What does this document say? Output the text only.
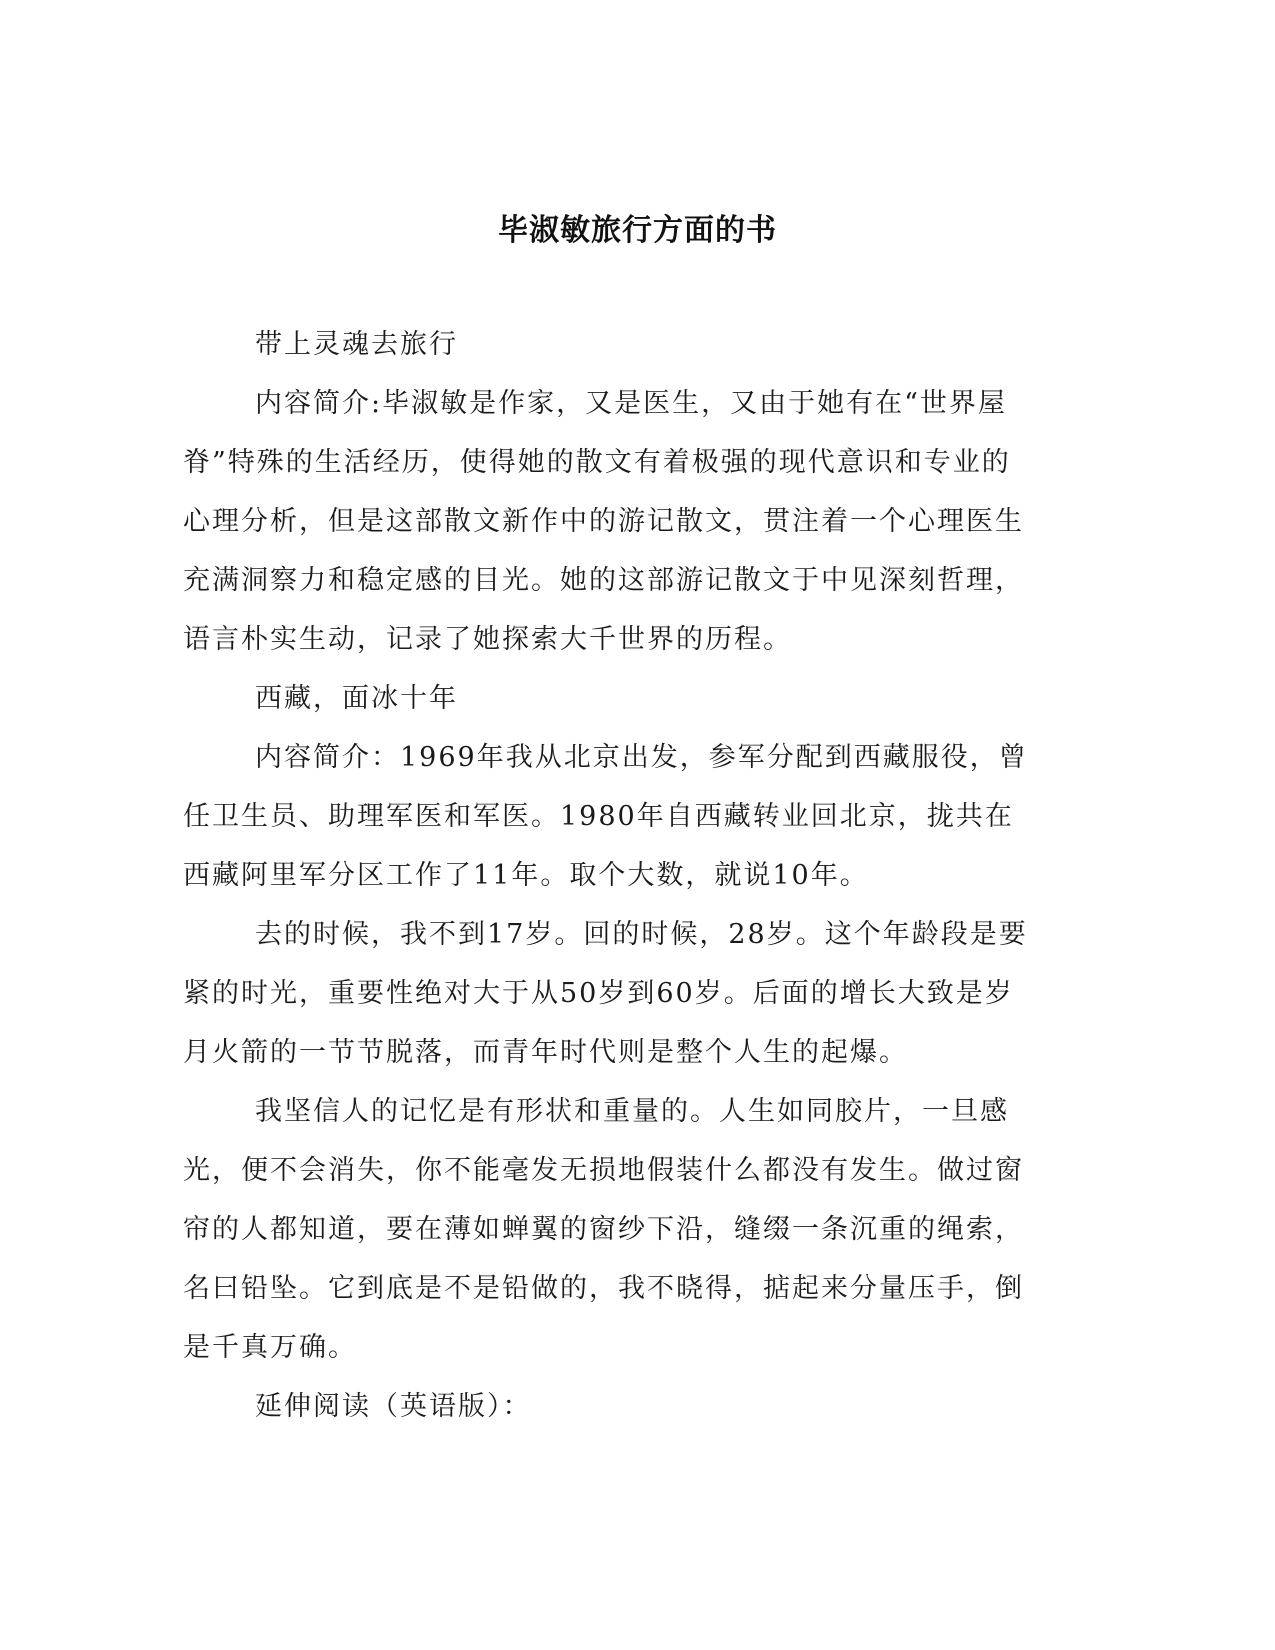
毕淑敏旅行方面的书

带上灵魂去旅行

内容简介:毕淑敏是作家，又是医生，又由于她有在“世界屋脊”特殊的生活经历，使得她的散文有着极强的现代意识和专业的心理分析，但是这部散文新作中的游记散文，贯注着一个心理医生充满洞察力和稳定感的目光。她的这部游记散文于中见深刻哲理，语言朴实生动，记录了她探索大千世界的历程。

西藏，面冰十年

内容简介：1969年我从北京出发，参军分配到西藏服役，曾任卫生员、助理军医和军医。1980年自西藏转业回北京，拢共在西藏阿里军分区工作了11年。取个大数，就说10年。

去的时候，我不到17岁。回的时候，28岁。这个年龄段是要紧的时光，重要性绝对大于从50岁到60岁。后面的增长大致是岁月火箭的一节节脱落，而青年时代则是整个人生的起爆。

我坚信人的记忆是有形状和重量的。人生如同胶片，一旦感光，便不会消失，你不能毫发无损地假装什么都没有发生。做过窗帘的人都知道，要在薄如蝉翼的窗纱下沿，缝缀一条沉重的绳索，名曰铅坠。它到底是不是铅做的，我不晓得，掂起来分量压手，倒是千真万确。

延伸阅读（英语版）：
